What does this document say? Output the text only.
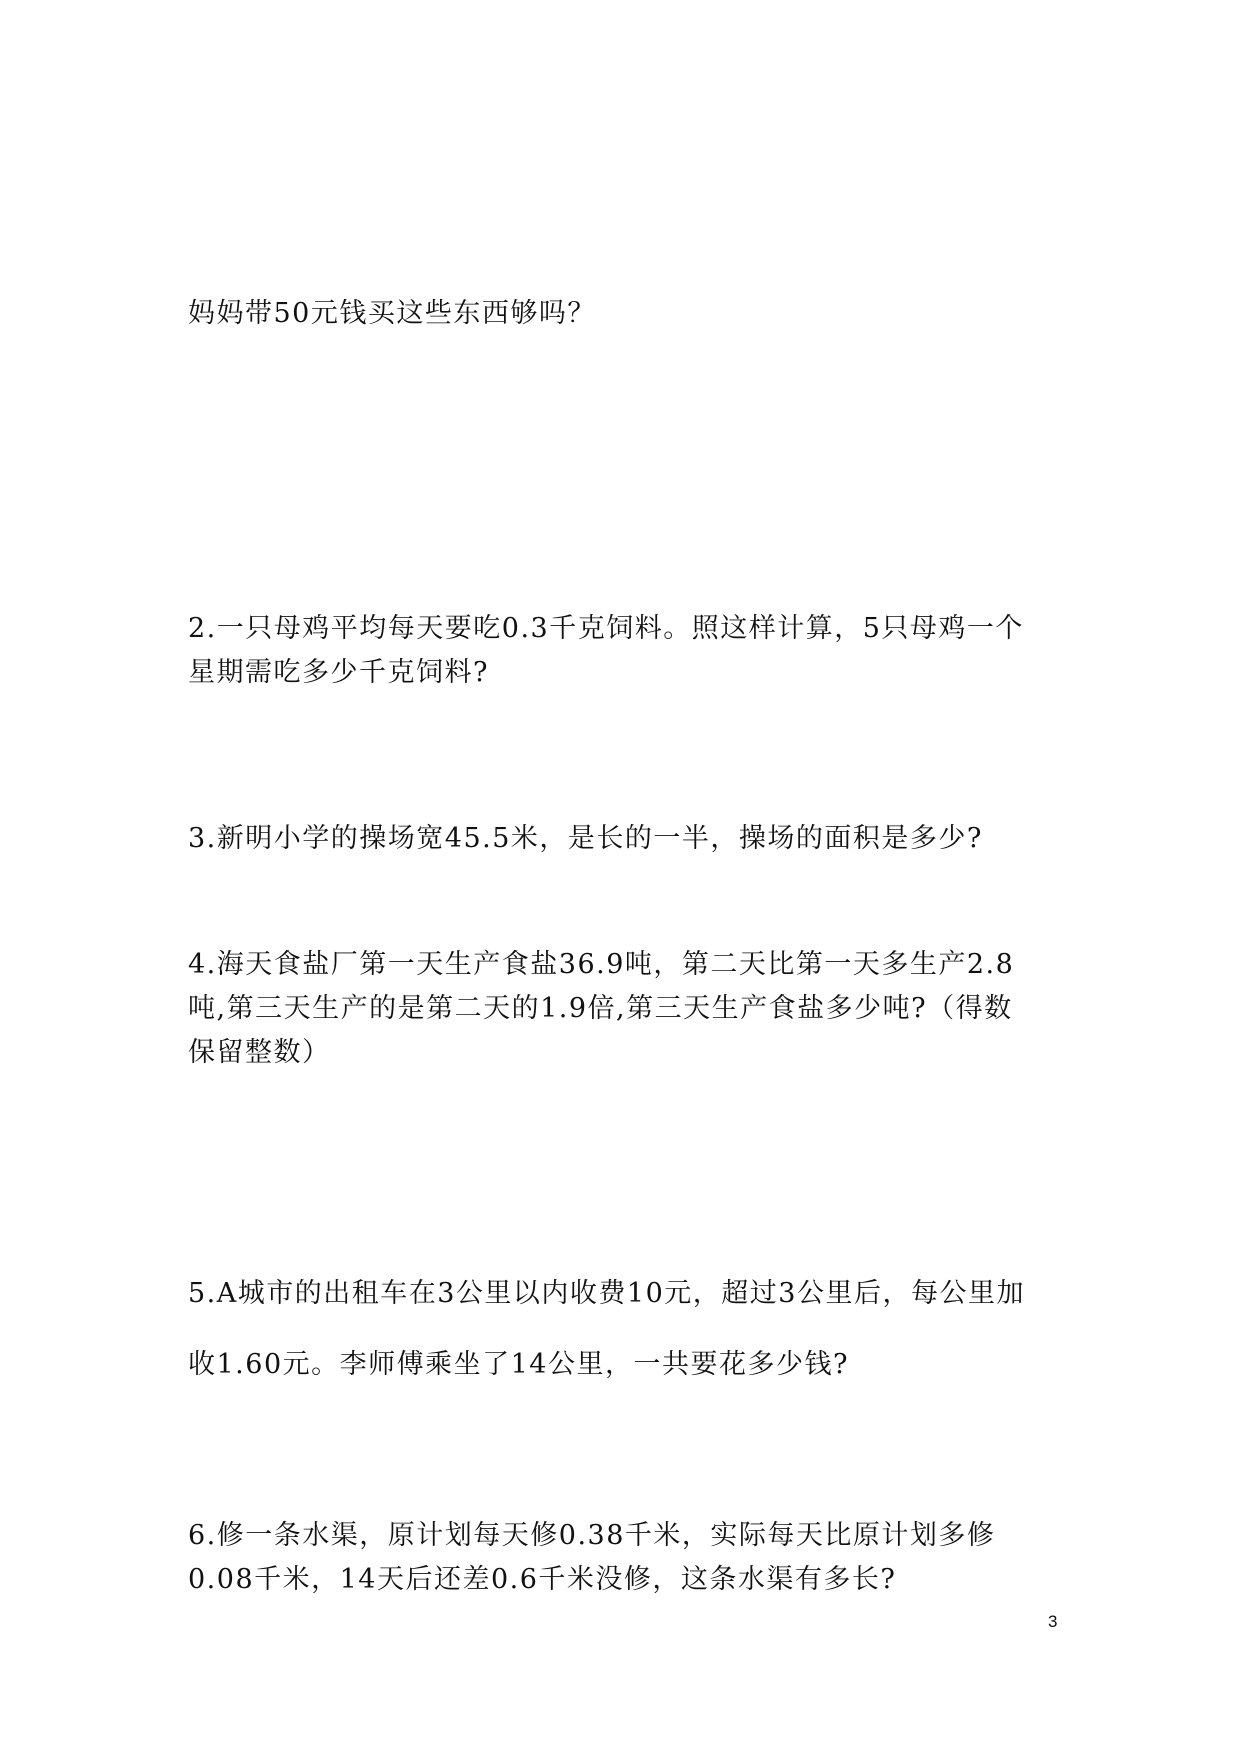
妈妈带50元钱买这些东西够吗？
2.一只母鸡平均每天要吃0.3千克饲料。照这样计算，5只母鸡一个
星期需吃多少千克饲料?
3.新明小学的操场宽45.5米，是长的一半，操场的面积是多少?
4.海天食盐厂第一天生产食盐36.9吨，第二天比第一天多生产2.8
吨,第三天生产的是第二天的1.9倍,第三天生产食盐多少吨?（得数
保留整数）
5.A城市的出租车在3公里以内收费10元，超过3公里后，每公里加
收1.60元。李师傅乘坐了14公里，一共要花多少钱?
6.修一条水渠，原计划每天修0.38千米，实际每天比原计划多修
0.08千米，14天后还差0.6千米没修，这条水渠有多长?
3
